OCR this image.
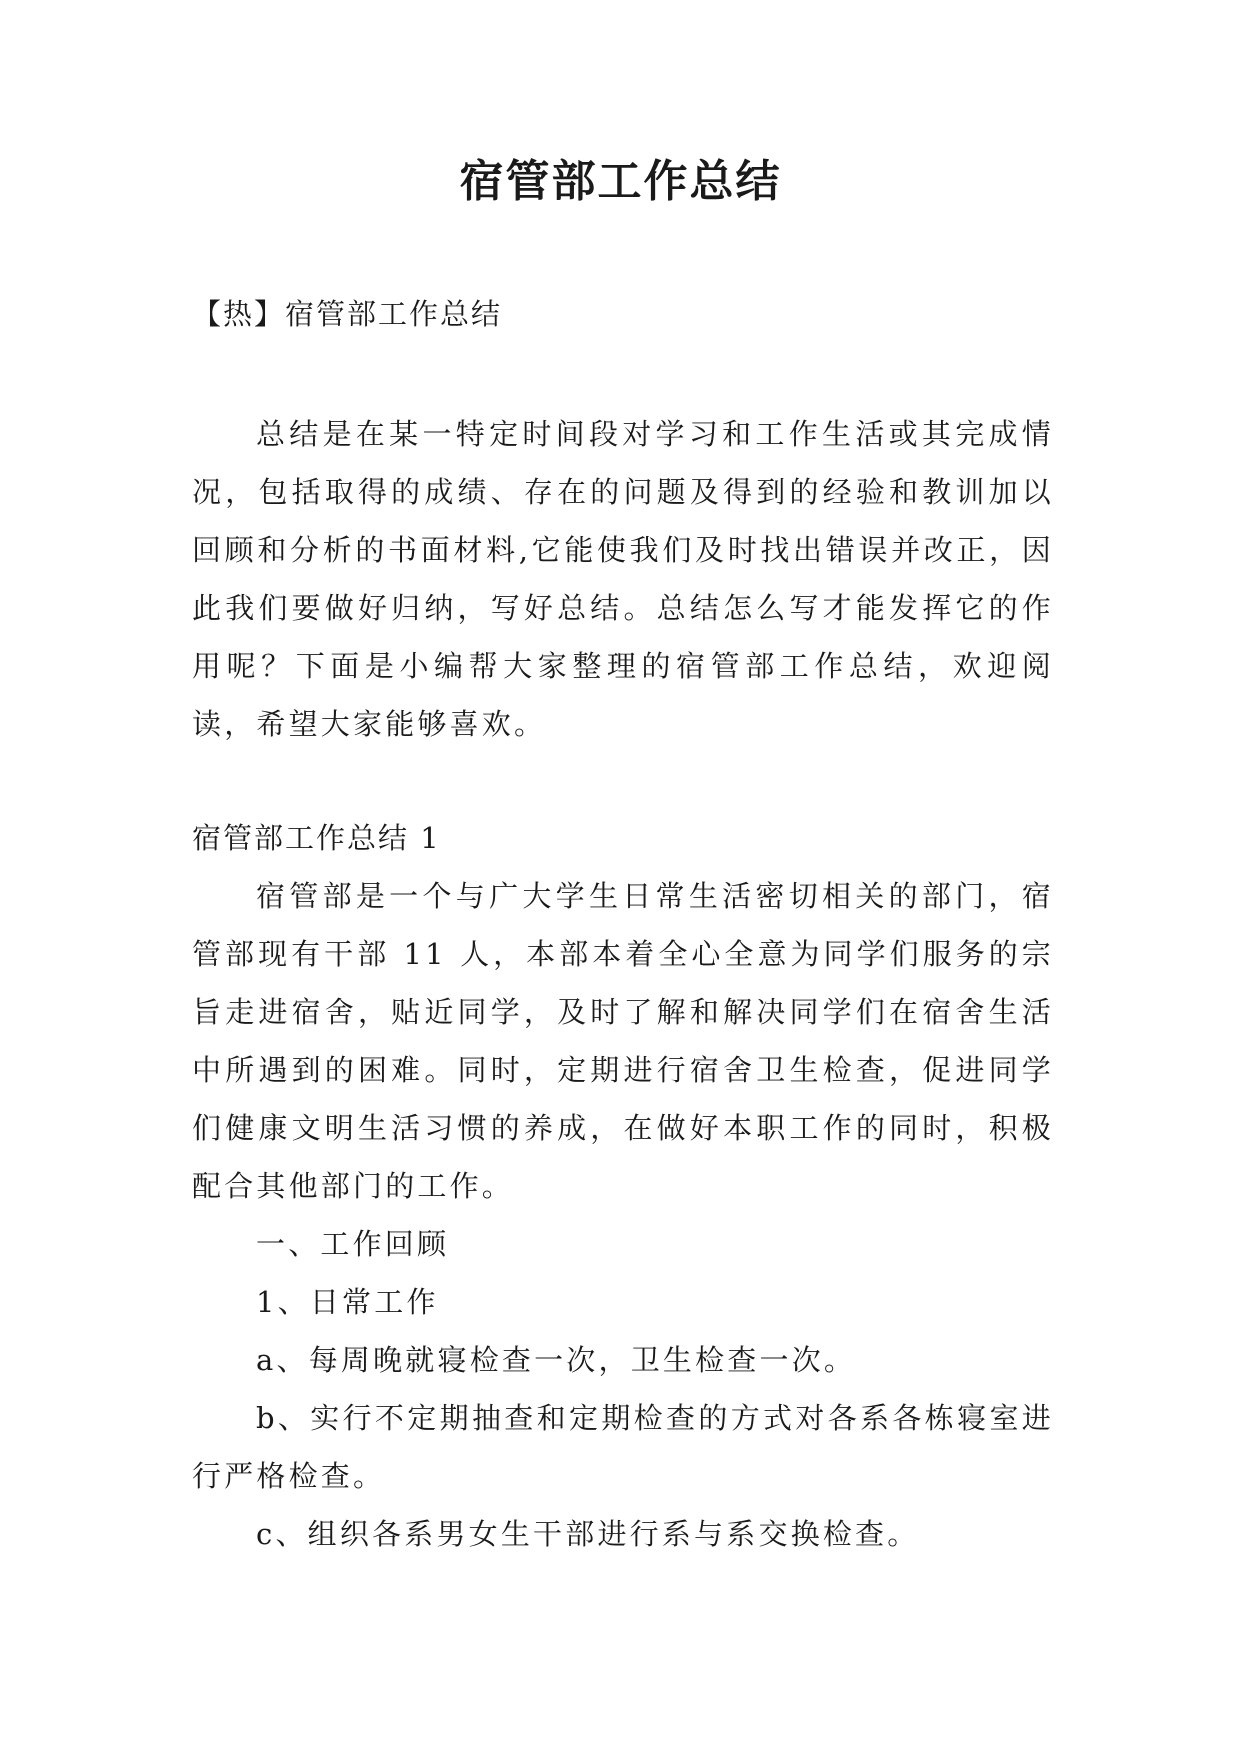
宿管部工作总结

【热】宿管部工作总结

总结是在某一特定时间段对学习和工作生活或其完成情况，包括取得的成绩、存在的问题及得到的经验和教训加以回顾和分析的书面材料,它能使我们及时找出错误并改正，因此我们要做好归纳，写好总结。总结怎么写才能发挥它的作用呢？下面是小编帮大家整理的宿管部工作总结，欢迎阅读，希望大家能够喜欢。

宿管部工作总结 1

宿管部是一个与广大学生日常生活密切相关的部门，宿管部现有干部 11 人，本部本着全心全意为同学们服务的宗旨走进宿舍，贴近同学，及时了解和解决同学们在宿舍生活中所遇到的困难。同时，定期进行宿舍卫生检查，促进同学们健康文明生活习惯的养成，在做好本职工作的同时，积极配合其他部门的工作。

一、工作回顾

1、日常工作

a、每周晚就寝检查一次，卫生检查一次。

b、实行不定期抽查和定期检查的方式对各系各栋寝室进行严格检查。

c、组织各系男女生干部进行系与系交换检查。
